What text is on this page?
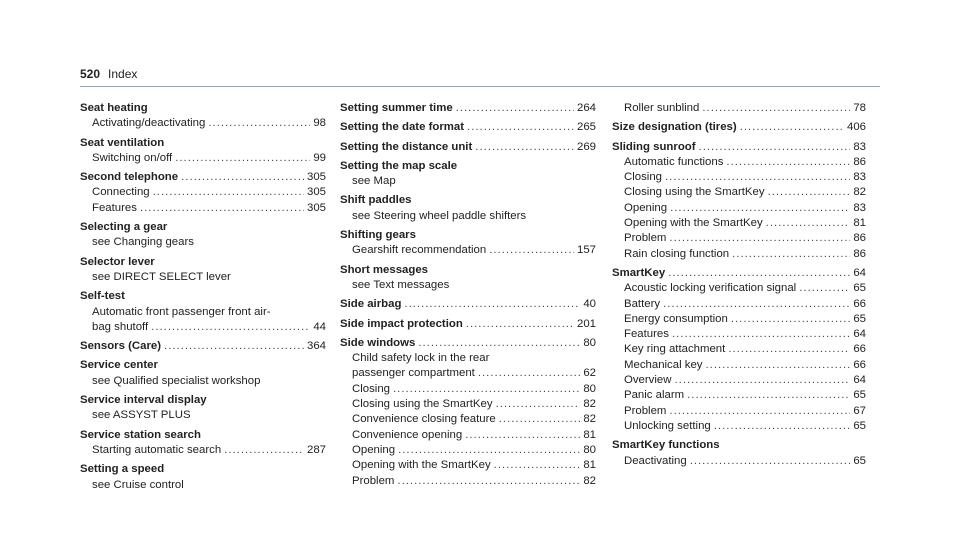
520 Index
Seat heating
Activating/deactivating .....	98
Seat ventilation
Switching on/off .....	99
Second telephone .....	305
Connecting .....	305
Features .....	305
Selecting a gear
see Changing gears
Selector lever
see DIRECT SELECT lever
Self-test
Automatic front passenger front air-
bag shutoff .....	44
Sensors (Care) .....	364
Service center
see Qualified specialist workshop
Service interval display
see ASSYST PLUS
Service station search
Starting automatic search .....	287
Setting a speed
see Cruise control
Setting summer time .....	264
Setting the date format .....	265
Setting the distance unit .....	269
Setting the map scale
see Map
Shift paddles
see Steering wheel paddle shifters
Shifting gears
Gearshift recommendation .....	157
Short messages
see Text messages
Side airbag .....	40
Side impact protection .....	201
Side windows .....	80
Child safety lock in the rear
passenger compartment .....	62
Closing .....	80
Closing using the SmartKey .....	82
Convenience closing feature .....	82
Convenience opening .....	81
Opening .....	80
Opening with the SmartKey .....	81
Problem .....	82
Roller sunblind .....	78
Size designation (tires) .....	406
Sliding sunroof .....	83
Automatic functions .....	86
Closing .....	83
Closing using the SmartKey .....	82
Opening .....	83
Opening with the SmartKey .....	81
Problem .....	86
Rain closing function .....	86
SmartKey .....	64
Acoustic locking verification signal .....	65
Battery .....	66
Energy consumption .....	65
Features .....	64
Key ring attachment .....	66
Mechanical key .....	66
Overview .....	64
Panic alarm .....	65
Problem .....	67
Unlocking setting .....	65
SmartKey functions
Deactivating .....	65
